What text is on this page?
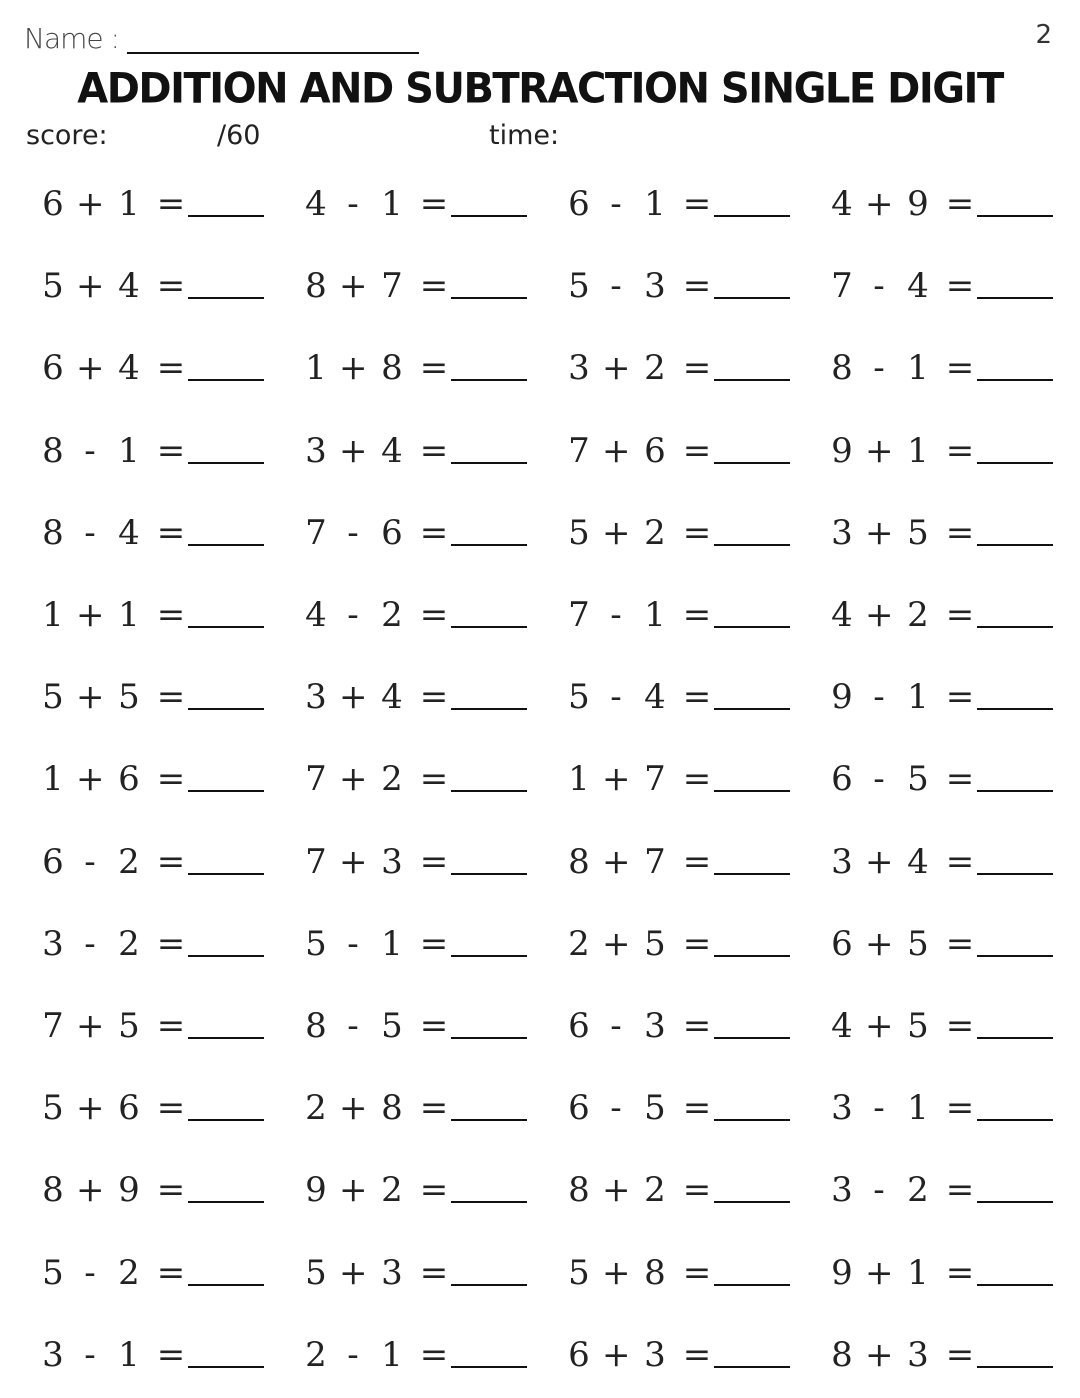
Name :	2
ADDITION AND SUBTRACTION SINGLE DIGIT
score:	/60	time:
6 + 1 =	4 - 1 =	6 - 1 =	4 + 9 =
5 + 4 =	8 + 7 =	5 - 3 =	7 - 4 =
6 + 4 =	1 + 8 =	3 + 2 =	8 - 1 =
8 - 1 =	3 + 4 =	7 + 6 =	9 + 1 =
8 - 4 =	7 - 6 =	5 + 2 =	3 + 5 =
1 + 1 =	4 - 2 =	7 - 1 =	4 + 2 =
5 + 5 =	3 + 4 =	5 - 4 =	9 - 1 =
1 + 6 =	7 + 2 =	1 + 7 =	6 - 5 =
6 - 2 =	7 + 3 =	8 + 7 =	3 + 4 =
3 - 2 =	5 - 1 =	2 + 5 =	6 + 5 =
7 + 5 =	8 - 5 =	6 - 3 =	4 + 5 =
5 + 6 =	2 + 8 =	6 - 5 =	3 - 1 =
8 + 9 =	9 + 2 =	8 + 2 =	3 - 2 =
5 - 2 =	5 + 3 =	5 + 8 =	9 + 1 =
3 - 1 =	2 - 1 =	6 + 3 =	8 + 3 =
